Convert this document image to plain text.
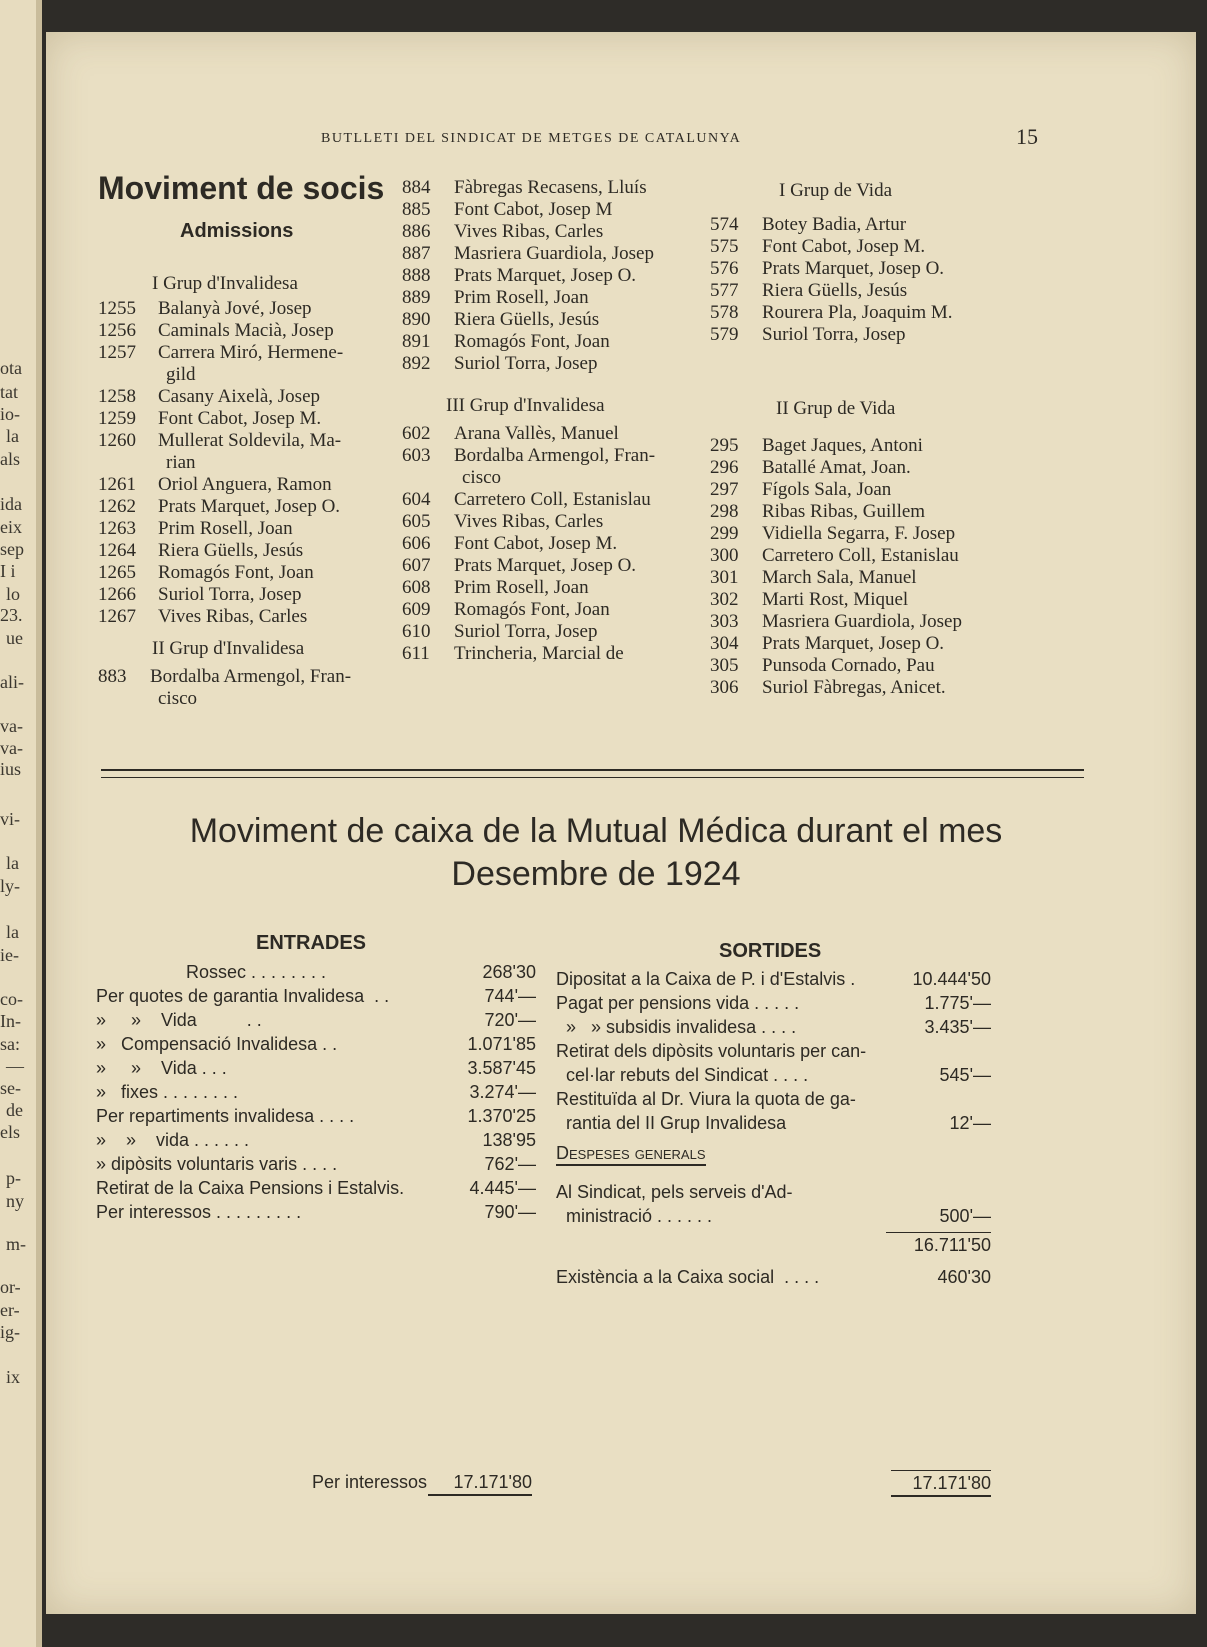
ota
tat
io-
la
als
ida
eix
sep
I i
lo
23.
ue
ali-
va-
va-
ius
vi-
la
ly-
la
ie-
co-
In-
sa:
—
se-
de
els
p-
ny
m-
or-
er-
ig-
ix
BUTLLETI DEL SINDICAT DE METGES DE CATALUNYA	15
Moviment de socis
Admissions
I Grup d'Invalidesa
1255 Balanyà Jové, Josep
1256 Caminals Macià, Josep
1257 Carrera Miró, Hermene-
gild
1258 Casany Aixelà, Josep
1259 Font Cabot, Josep M.
1260 Mullerat Soldevila, Ma-
rian
1261 Oriol Anguera, Ramon
1262 Prats Marquet, Josep O.
1263 Prim Rosell, Joan
1264 Riera Güells, Jesús
1265 Romagós Font, Joan
1266 Suriol Torra, Josep
1267 Vives Ribas, Carles
II Grup d'Invalidesa
883 Bordalba Armengol, Fran-
cisco
884 Fàbregas Recasens, Lluís
885 Font Cabot, Josep M
886 Vives Ribas, Carles
887 Masriera Guardiola, Josep
888 Prats Marquet, Josep O.
889 Prim Rosell, Joan
890 Riera Güells, Jesús
891 Romagós Font, Joan
892 Suriol Torra, Josep
III Grup d'Invalidesa
602 Arana Vallès, Manuel
603 Bordalba Armengol, Fran-
cisco
604 Carretero Coll, Estanislau
605 Vives Ribas, Carles
606 Font Cabot, Josep M.
607 Prats Marquet, Josep O.
608 Prim Rosell, Joan
609 Romagós Font, Joan
610 Suriol Torra, Josep
611 Trincheria, Marcial de
I Grup de Vida
574 Botey Badia, Artur
575 Font Cabot, Josep M.
576 Prats Marquet, Josep O.
577 Riera Güells, Jesús
578 Rourera Pla, Joaquim M.
579 Suriol Torra, Josep
II Grup de Vida
295 Baget Jaques, Antoni
296 Batallé Amat, Joan.
297 Fígols Sala, Joan
298 Ribas Ribas, Guillem
299 Vidiella Segarra, F. Josep
300 Carretero Coll, Estanislau
301 March Sala, Manuel
302 Marti Rost, Miquel
303 Masriera Guardiola, Josep
304 Prats Marquet, Josep O.
305 Punsoda Cornado, Pau
306 Suriol Fàbregas, Anicet.
Moviment de caixa de la Mutual Médica durant el mes
Desembre de 1924
ENTRADES
Rossec . . . . . . . .	268'30
Per quotes de garantia Invalidesa  . .	744'—
»     »    Vida          . .	720'—
»   Compensació Invalidesa . .	1.071'85
»     »    Vida . . .	3.587'45
»   fixes . . . . . . . .	3.274'—
Per repartiments invalidesa . . . .	1.370'25
»    »    vida . . . . . .	138'95
» dipòsits voluntaris varis . . . .	762'—
Retirat de la Caixa Pensions i Estalvis.	4.445'—
Per interessos . . . . . . . . .	790'—
Per interessos	17.171'80
SORTIDES
Dipositat a la Caixa de P. i d'Estalvis .	10.444'50
Pagat per pensions vida . . . . .	1.775'—
»   » subsidis invalidesa . . . .	3.435'—
Retirat dels dipòsits voluntaris per can-
cel·lar rebuts del Sindicat . . . .	545'—
Restituïda al Dr. Viura la quota de ga-
rantia del II Grup Invalidesa	12'—
Despeses generals
Al Sindicat, pels serveis d'Ad-
ministració . . . . . .	500'—
16.711'50
Existència a la Caixa social  . . . .	460'30
17.171'80
